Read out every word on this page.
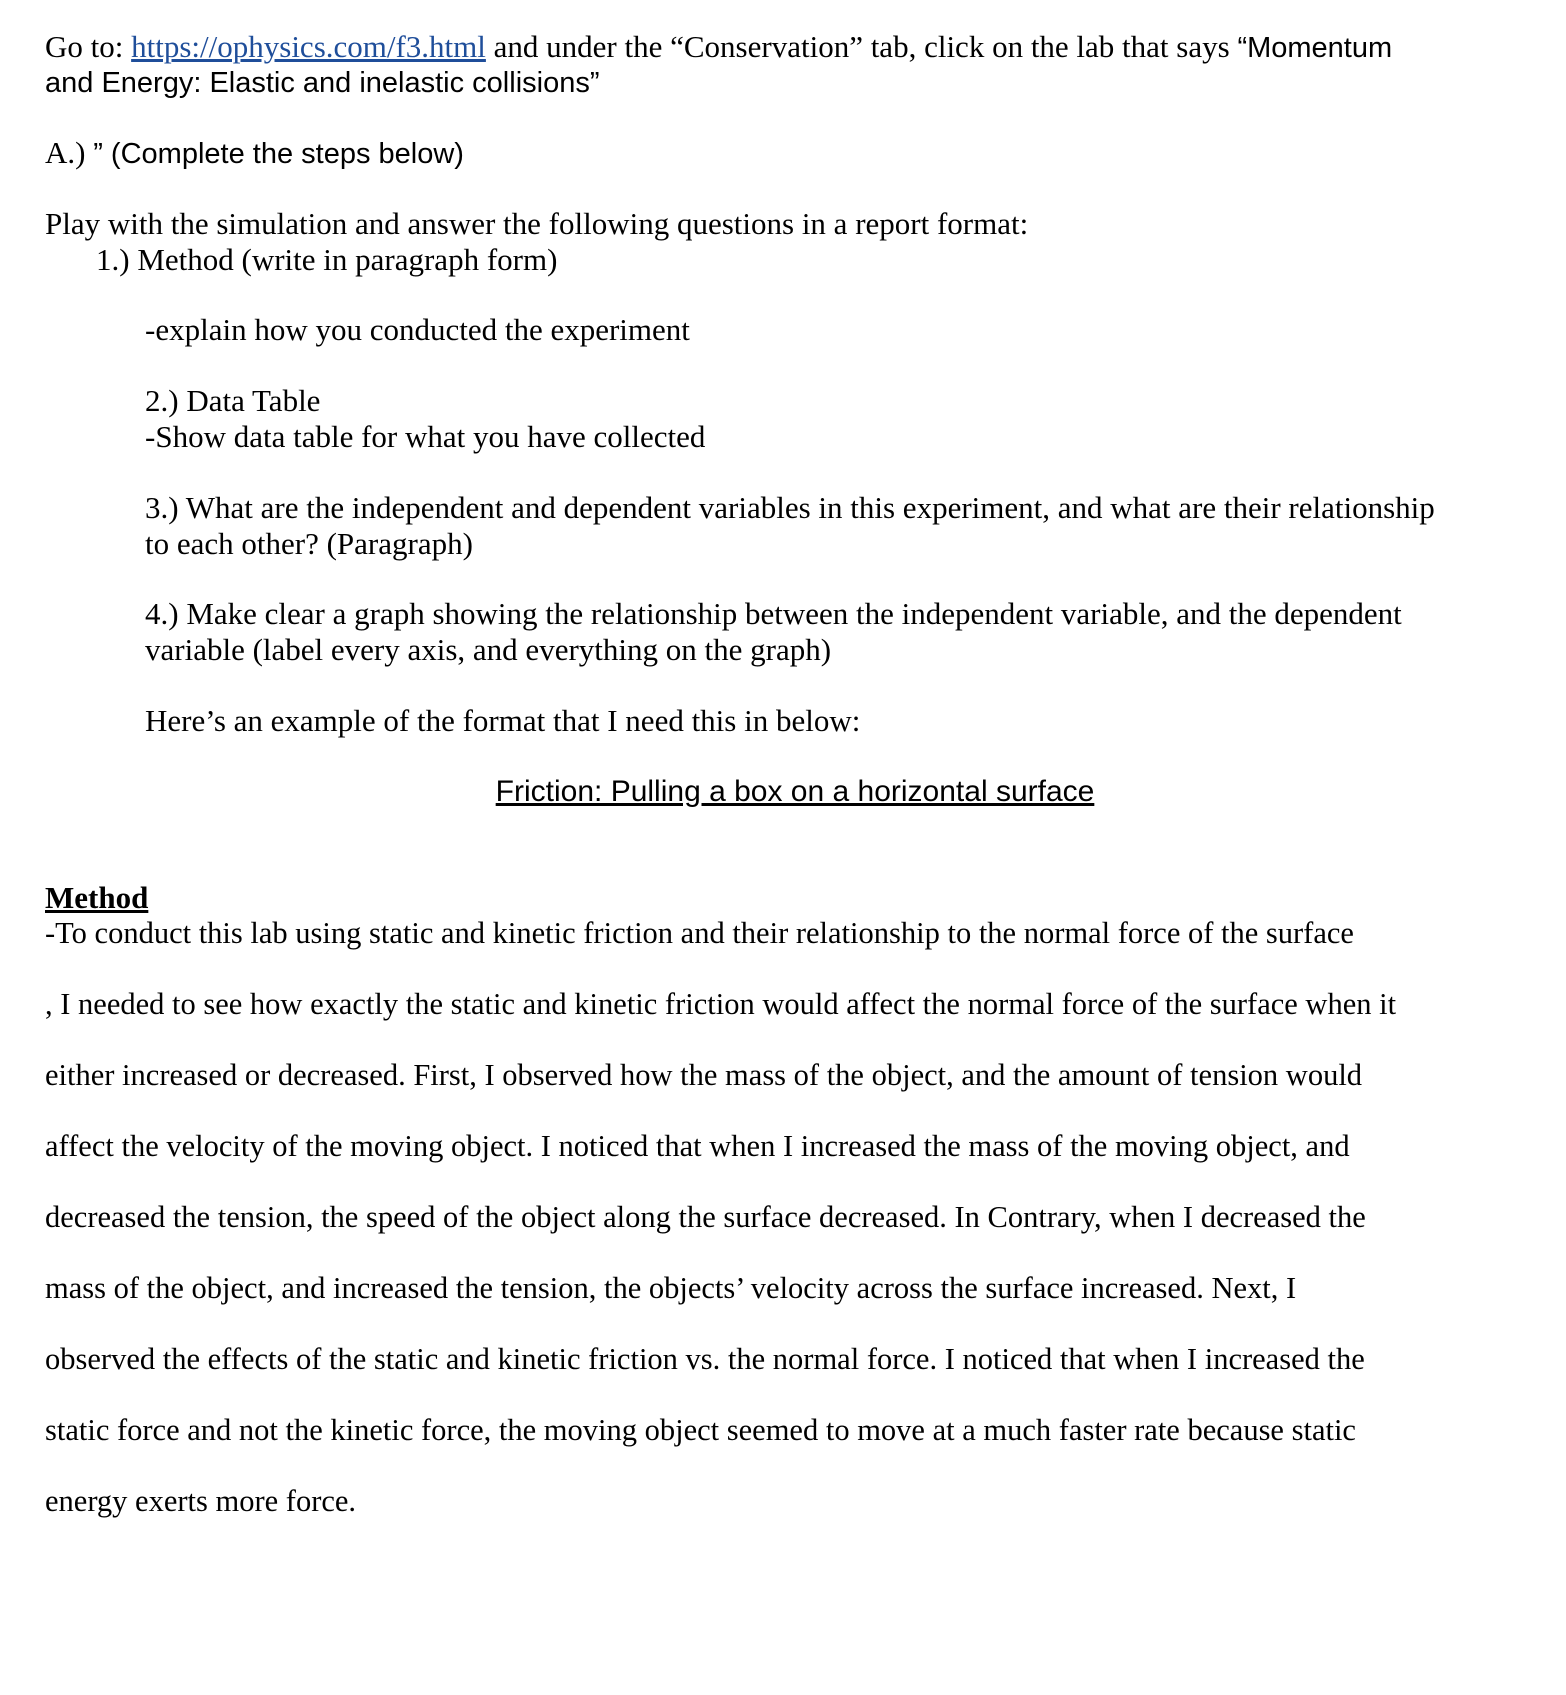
Go to: https://ophysics.com/f3.html and under the “Conservation” tab, click on the lab that says “Momentum
and Energy: Elastic and inelastic collisions”
A.) ” (Complete the steps below)
Play with the simulation and answer the following questions in a report format:
1.) Method (write in paragraph form)
-explain how you conducted the experiment
2.) Data Table
-Show data table for what you have collected
3.) What are the independent and dependent variables in this experiment, and what are their relationship
to each other? (Paragraph)
4.) Make clear a graph showing the relationship between the independent variable, and the dependent
variable (label every axis, and everything on the graph)
Here’s an example of the format that I need this in below:
Friction: Pulling a box on a horizontal surface
Method
-To conduct this lab using static and kinetic friction and their relationship to the normal force of the surface
, I needed to see how exactly the static and kinetic friction would affect the normal force of the surface when it
either increased or decreased. First, I observed how the mass of the object, and the amount of tension would
affect the velocity of the moving object. I noticed that when I increased the mass of the moving object, and
decreased the tension, the speed of the object along the surface decreased. In Contrary, when I decreased the
mass of the object, and increased the tension, the objects’ velocity across the surface increased. Next, I
observed the effects of the static and kinetic friction vs. the normal force. I noticed that when I increased the
static force and not the kinetic force, the moving object seemed to move at a much faster rate because static
energy exerts more force.
